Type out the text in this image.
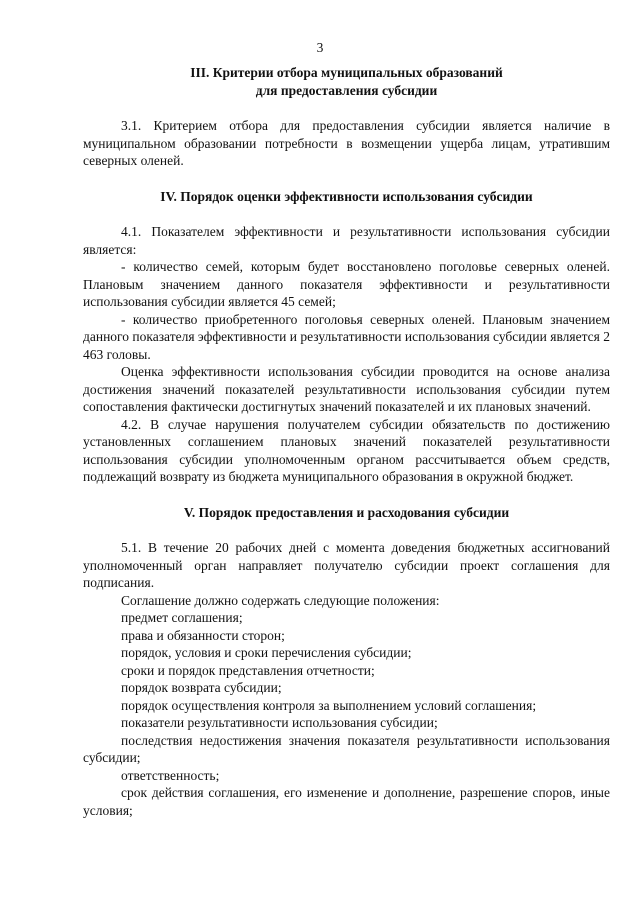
3
III. Критерии отбора муниципальных образований
для предоставления субсидии

3.1. Критерием отбора для предоставления субсидии является наличие в муниципальном образовании потребности в возмещении ущерба лицам, утратившим северных оленей.

IV. Порядок оценки эффективности использования субсидии

4.1. Показателем эффективности и результативности использования субсидии является:

- количество семей, которым будет восстановлено поголовье северных оленей. Плановым значением данного показателя эффективности и результативности использования субсидии является 45 семей;

- количество приобретенного поголовья северных оленей. Плановым значением данного показателя эффективности и результативности использования субсидии является 2 463 головы.

Оценка эффективности использования субсидии проводится на основе анализа достижения значений показателей результативности использования субсидии путем сопоставления фактически достигнутых значений показателей и их плановых значений.

4.2. В случае нарушения получателем субсидии обязательств по достижению установленных соглашением плановых значений показателей результативности использования субсидии уполномоченным органом рассчитывается объем средств, подлежащий возврату из бюджета муниципального образования в окружной бюджет.

V. Порядок предоставления и расходования субсидии

5.1. В течение 20 рабочих дней с момента доведения бюджетных ассигнований уполномоченный орган направляет получателю субсидии проект соглашения для подписания.

Соглашение должно содержать следующие положения:

предмет соглашения;

права и обязанности сторон;

порядок, условия и сроки перечисления субсидии;

сроки и порядок представления отчетности;

порядок возврата субсидии;

порядок осуществления контроля за выполнением условий соглашения;

показатели результативности использования субсидии;

последствия недостижения значения показателя результативности использования субсидии;

ответственность;

срок действия соглашения, его изменение и дополнение, разрешение споров, иные условия;
